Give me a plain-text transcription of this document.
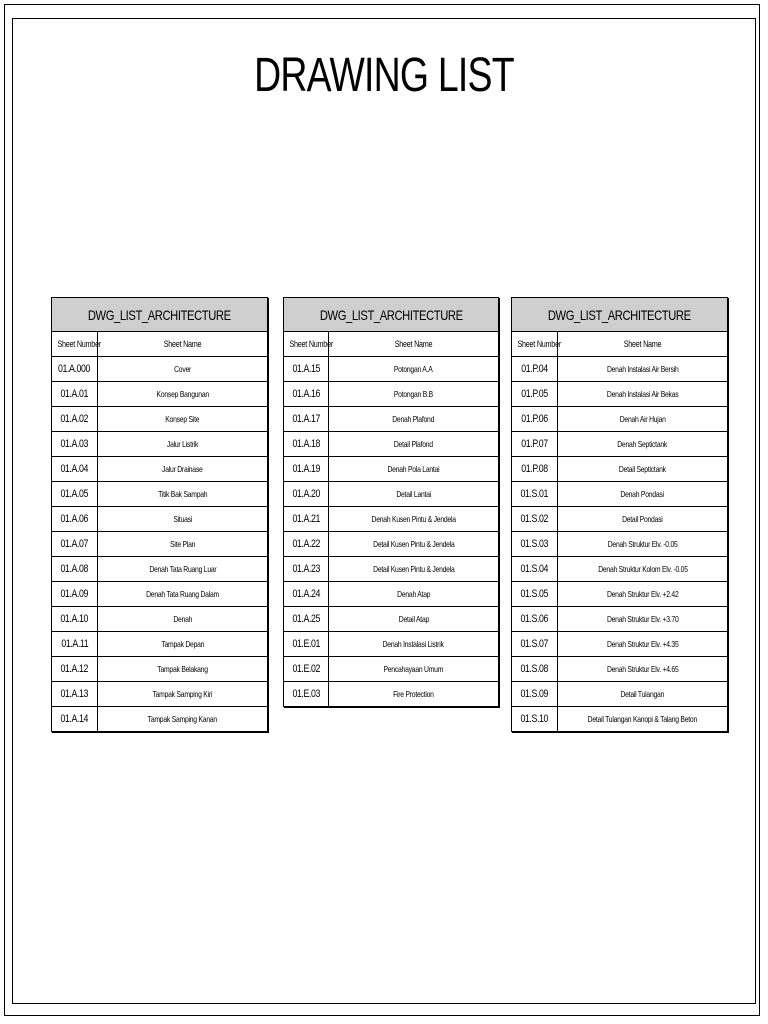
DRAWING LIST
DWG_LIST_ARCHITECTURE	
Sheet Number	Sheet Name
01.A.000	Cover
01.A.01	Konsep Bangunan
01.A.02	Konsep Site
01.A.03	Jalur Listrik
01.A.04	Jalur Drainase
01.A.05	Titik Bak Sampah
01.A.06	Situasi
01.A.07	Site Plan
01.A.08	Denah Tata Ruang Luar
01.A.09	Denah Tata Ruang Dalam
01.A.10	Denah
01.A.11	Tampak Depan
01.A.12	Tampak Belakang
01.A.13	Tampak Samping Kiri
01.A.14	Tampak Samping Kanan
DWG_LIST_ARCHITECTURE	
Sheet Number	Sheet Name
01.A.15	Potongan A.A
01.A.16	Potongan B.B
01.A.17	Denah Plafond
01.A.18	Detail Plafond
01.A.19	Denah Pola Lantai
01.A.20	Detail Lantai
01.A.21	Denah Kusen Pintu & Jendela
01.A.22	Detail Kusen Pintu & Jendela
01.A.23	Detail Kusen Pintu & Jendela
01.A.24	Denah Atap
01.A.25	Detail Atap
01.E.01	Denah Instalasi Listrik
01.E.02	Pencahayaan Umum
01.E.03	Fire Protection
DWG_LIST_ARCHITECTURE	
Sheet Number	Sheet Name
01.P.04	Denah Instalasi Air Bersih
01.P.05	Denah Instalasi Air Bekas
01.P.06	Denah Air Hujan
01.P.07	Denah Septictank
01.P.08	Detail Septictank
01.S.01	Denah Pondasi
01.S.02	Detail Pondasi
01.S.03	Denah Struktur Elv. -0.05
01.S.04	Denah Struktur Kolom Elv. -0.05
01.S.05	Denah Struktur Elv. +2.42
01.S.06	Denah Struktur Elv. +3.70
01.S.07	Denah Struktur Elv. +4.35
01.S.08	Denah Struktur Elv. +4.65
01.S.09	Detail Tulangan
01.S.10	Detail Tulangan Kanopi & Talang Beton
